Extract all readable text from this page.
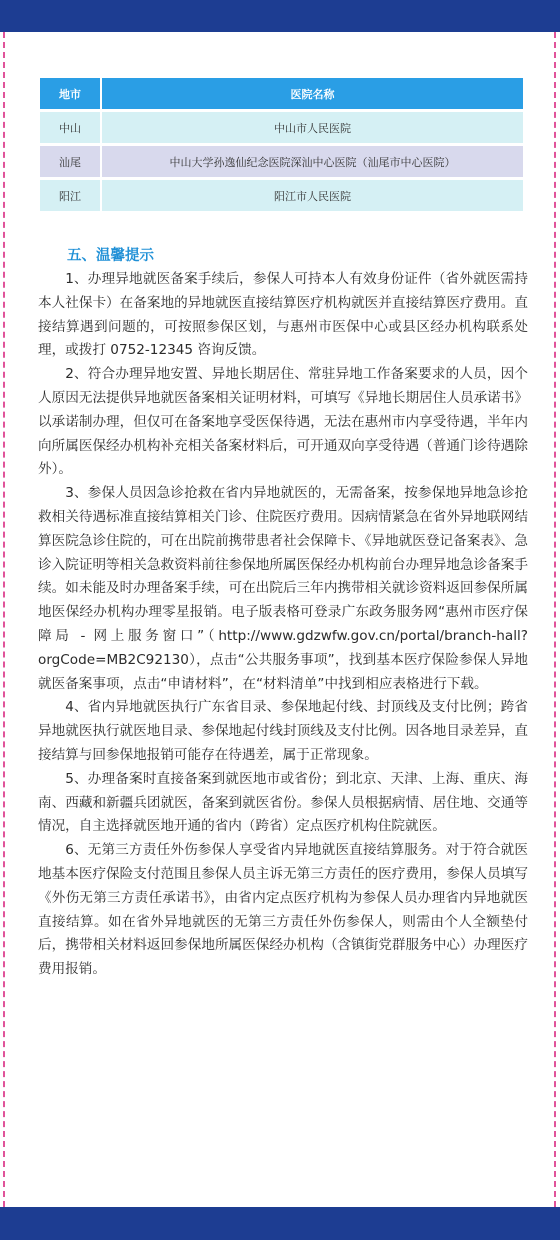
地市	医院名称
中山	中山市人民医院
汕尾	中山大学孙逸仙纪念医院深汕中心医院（汕尾市中心医院）
阳江	阳江市人民医院
五、温馨提示

1、办理异地就医备案手续后，参保人可持本人有效身份证件（省外就医需持本人社保卡）在备案地的异地就医直接结算医疗机构就医并直接结算医疗费用。直接结算遇到问题的，可按照参保区划，与惠州市医保中心或县区经办机构联系处理，或拨打 0752-12345 咨询反馈。

2、符合办理异地安置、异地长期居住、常驻异地工作备案要求的人员，因个人原因无法提供异地就医备案相关证明材料，可填写《异地长期居住人员承诺书》以承诺制办理，但仅可在备案地享受医保待遇，无法在惠州市内享受待遇，半年内向所属医保经办机构补充相关备案材料后，可开通双向享受待遇（普通门诊待遇除外）。

3、参保人员因急诊抢救在省内异地就医的，无需备案，按参保地异地急诊抢救相关待遇标准直接结算相关门诊、住院医疗费用。因病情紧急在省外异地联网结算医院急诊住院的，可在出院前携带患者社会保障卡、《异地就医登记备案表》、急诊入院证明等相关急救资料前往参保地所属医保经办机构前台办理异地急诊备案手续。如未能及时办理备案手续，可在出院后三年内携带相关就诊资料返回参保所属地医保经办机构办理零星报销。电子版表格可登录广东政务服务网“惠州市医疗保障局 - 网上服务窗口”（http://www.gdzwfw.gov.cn/portal/branch-hall?orgCode=MB2C92130），点击“公共服务事项”，找到基本医疗保险参保人异地就医备案事项，点击“申请材料”，在“材料清单”中找到相应表格进行下载。

4、省内异地就医执行广东省目录、参保地起付线、封顶线及支付比例；跨省异地就医执行就医地目录、参保地起付线封顶线及支付比例。因各地目录差异，直接结算与回参保地报销可能存在待遇差，属于正常现象。

5、办理备案时直接备案到就医地市或省份；到北京、天津、上海、重庆、海南、西藏和新疆兵团就医，备案到就医省份。参保人员根据病情、居住地、交通等情况，自主选择就医地开通的省内（跨省）定点医疗机构住院就医。

6、无第三方责任外伤参保人享受省内异地就医直接结算服务。对于符合就医地基本医疗保险支付范围且参保人员主诉无第三方责任的医疗费用，参保人员填写《外伤无第三方责任承诺书》，由省内定点医疗机构为参保人员办理省内异地就医直接结算。如在省外异地就医的无第三方责任外伤参保人，则需由个人全额垫付后，携带相关材料返回参保地所属医保经办机构（含镇街党群服务中心）办理医疗费用报销。
